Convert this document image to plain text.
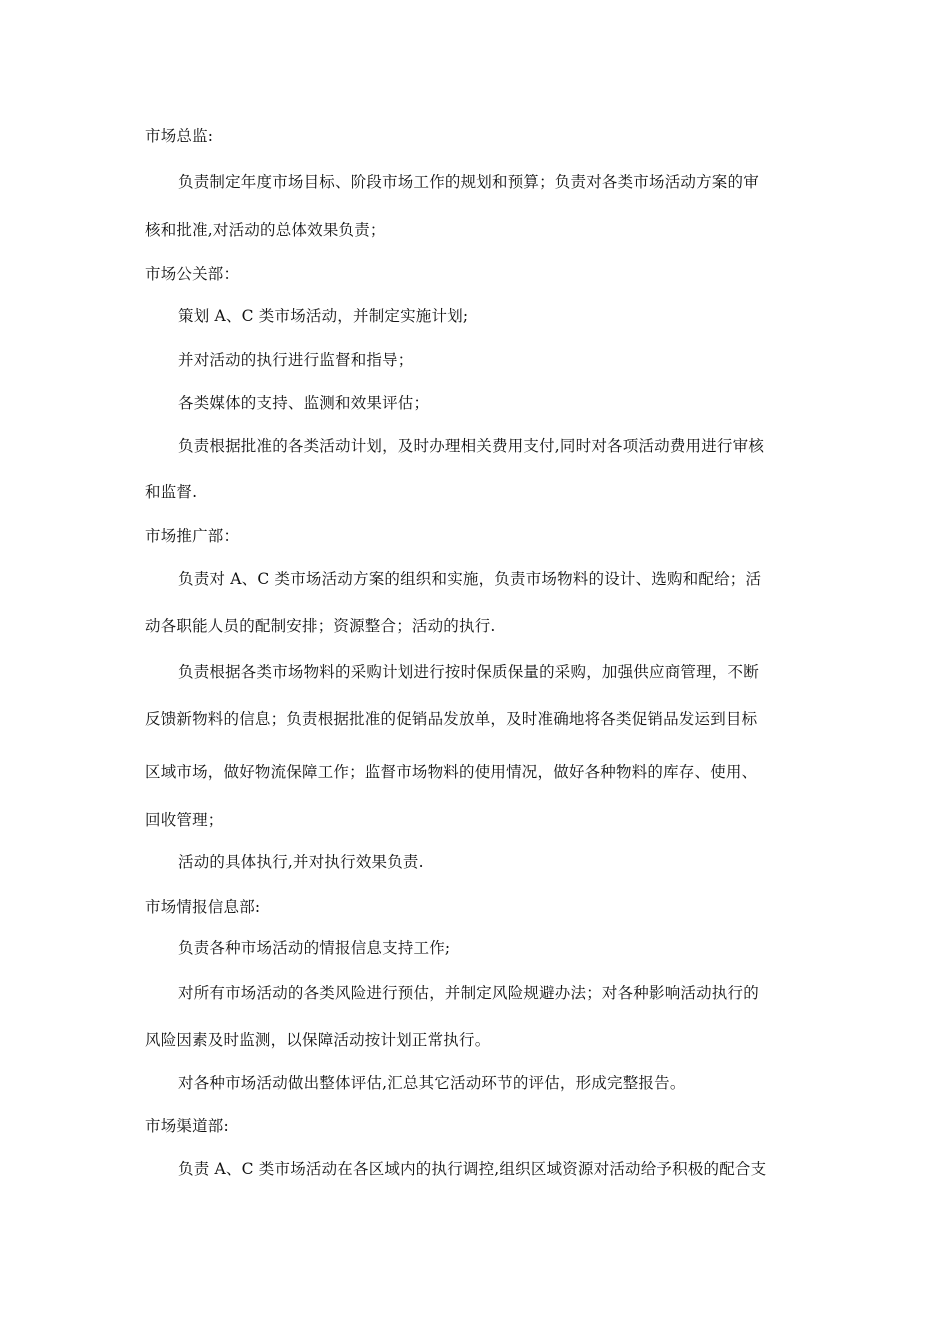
市场总监:
负责制定年度市场目标、阶段市场工作的规划和预算；负责对各类市场活动方案的审
核和批准,对活动的总体效果负责；
市场公关部：
策划 A、C 类市场活动，并制定实施计划;
并对活动的执行进行监督和指导；
各类媒体的支持、监测和效果评估；
负责根据批准的各类活动计划，及时办理相关费用支付,同时对各项活动费用进行审核
和监督.
市场推广部：
负责对 A、C 类市场活动方案的组织和实施，负责市场物料的设计、选购和配给；活
动各职能人员的配制安排；资源整合；活动的执行.
负责根据各类市场物料的采购计划进行按时保质保量的采购，加强供应商管理，不断
反馈新物料的信息；负责根据批准的促销品发放单，及时准确地将各类促销品发运到目标
区域市场，做好物流保障工作；监督市场物料的使用情况，做好各种物料的库存、使用、
回收管理；
活动的具体执行,并对执行效果负责.
市场情报信息部:
负责各种市场活动的情报信息支持工作;
对所有市场活动的各类风险进行预估，并制定风险规避办法；对各种影响活动执行的
风险因素及时监测，以保障活动按计划正常执行。
对各种市场活动做出整体评估,汇总其它活动环节的评估，形成完整报告。
市场渠道部:
负责 A、C 类市场活动在各区域内的执行调控,组织区域资源对活动给予积极的配合支
